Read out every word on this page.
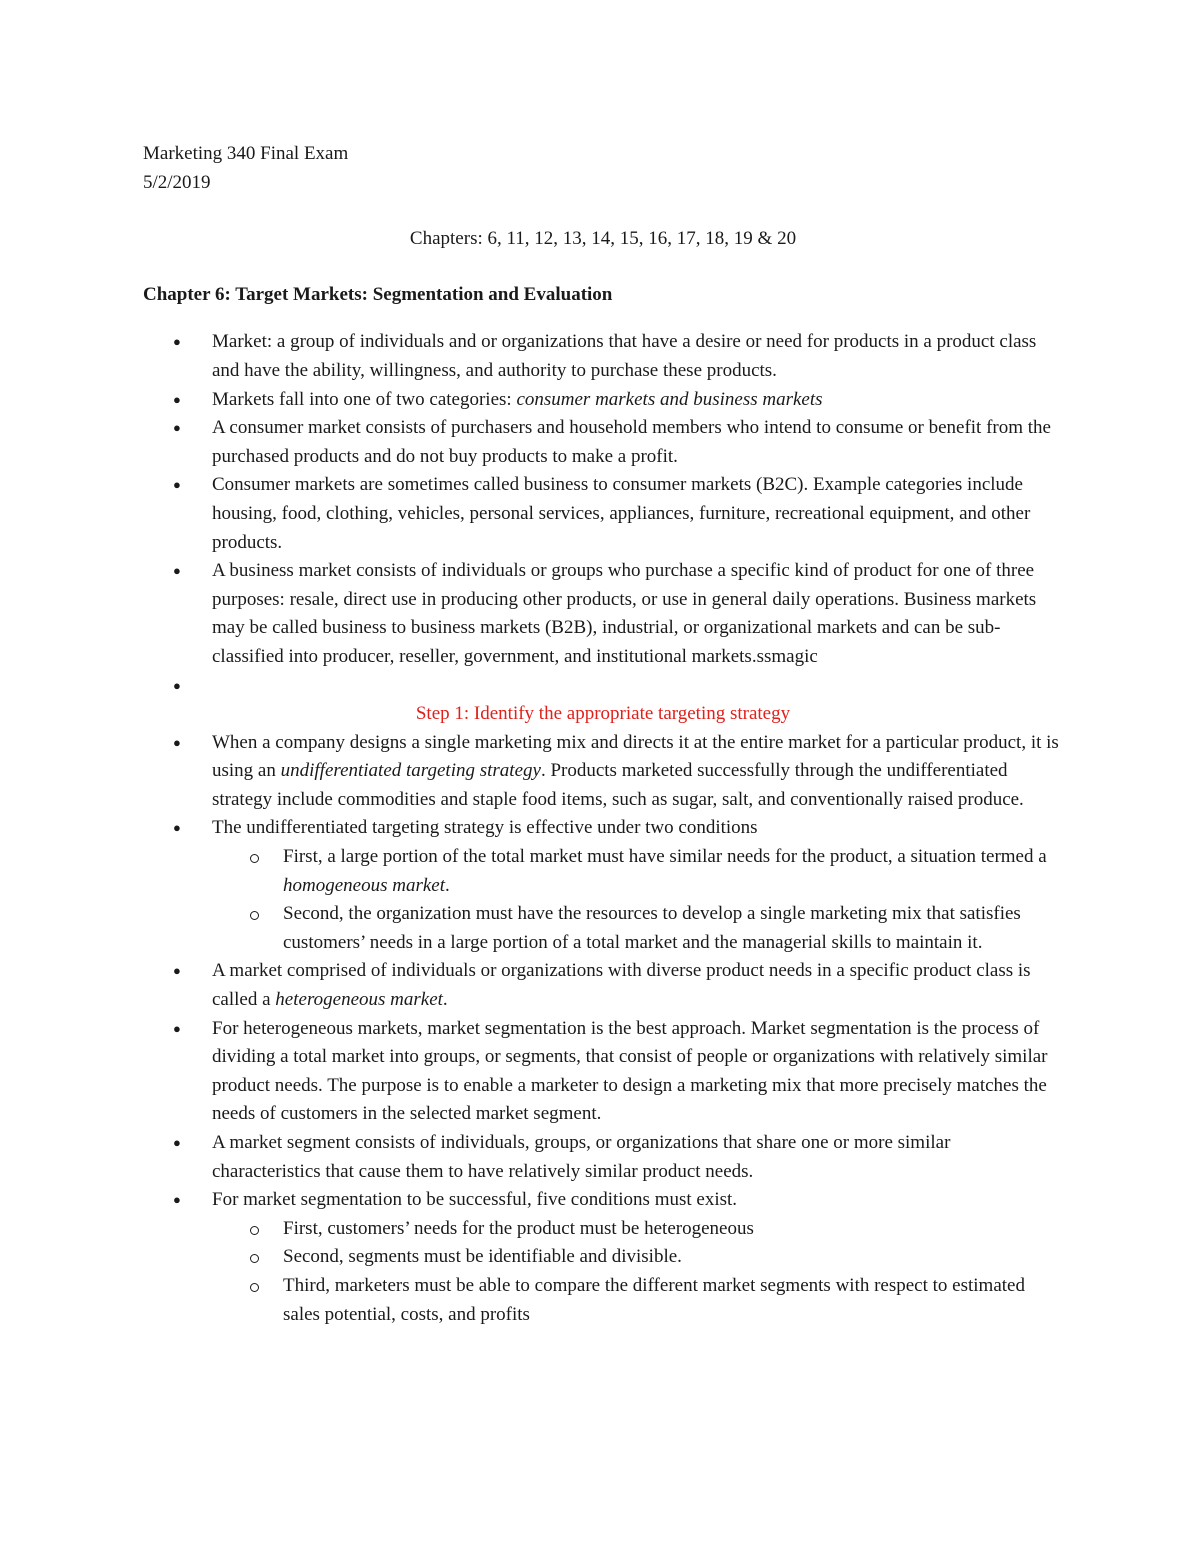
Marketing 340 Final Exam

5/2/2019

Chapters: 6, 11, 12, 13, 14, 15, 16, 17, 18, 19 & 20

Chapter 6: Target Markets: Segmentation and Evaluation

● Market: a group of individuals and or organizations that have a desire or need for products in a product class and have the ability, willingness, and authority to purchase these products.
● Markets fall into one of two categories: consumer markets and business markets
● A consumer market consists of purchasers and household members who intend to consume or benefit from the purchased products and do not buy products to make a profit.
● Consumer markets are sometimes called business to consumer markets (B2C). Example categories include housing, food, clothing, vehicles, personal services, appliances, furniture, recreational equipment, and other products.
● A business market consists of individuals or groups who purchase a specific kind of product for one of three purposes: resale, direct use in producing other products, or use in general daily operations. Business markets may be called business to business markets (B2B), industrial, or organizational markets and can be sub-classified into producer, reseller, government, and institutional markets.ssmagic
●

Step 1: Identify the appropriate targeting strategy

● When a company designs a single marketing mix and directs it at the entire market for a particular product, it is using an undifferentiated targeting strategy. Products marketed successfully through the undifferentiated strategy include commodities and staple food items, such as sugar, salt, and conventionally raised produce.
● The undifferentiated targeting strategy is effective under two conditions
First, a large portion of the total market must have similar needs for the product, a situation termed a homogeneous market.
Second, the organization must have the resources to develop a single marketing mix that satisfies customers’ needs in a large portion of a total market and the managerial skills to maintain it.
● A market comprised of individuals or organizations with diverse product needs in a specific product class is called a heterogeneous market.
● For heterogeneous markets, market segmentation is the best approach. Market segmentation is the process of dividing a total market into groups, or segments, that consist of people or organizations with relatively similar product needs. The purpose is to enable a marketer to design a marketing mix that more precisely matches the needs of customers in the selected market segment.
● A market segment consists of individuals, groups, or organizations that share one or more similar characteristics that cause them to have relatively similar product needs.
● For market segmentation to be successful, five conditions must exist.
First, customers’ needs for the product must be heterogeneous
Second, segments must be identifiable and divisible.
Third, marketers must be able to compare the different market segments with respect to estimated sales potential, costs, and profits
